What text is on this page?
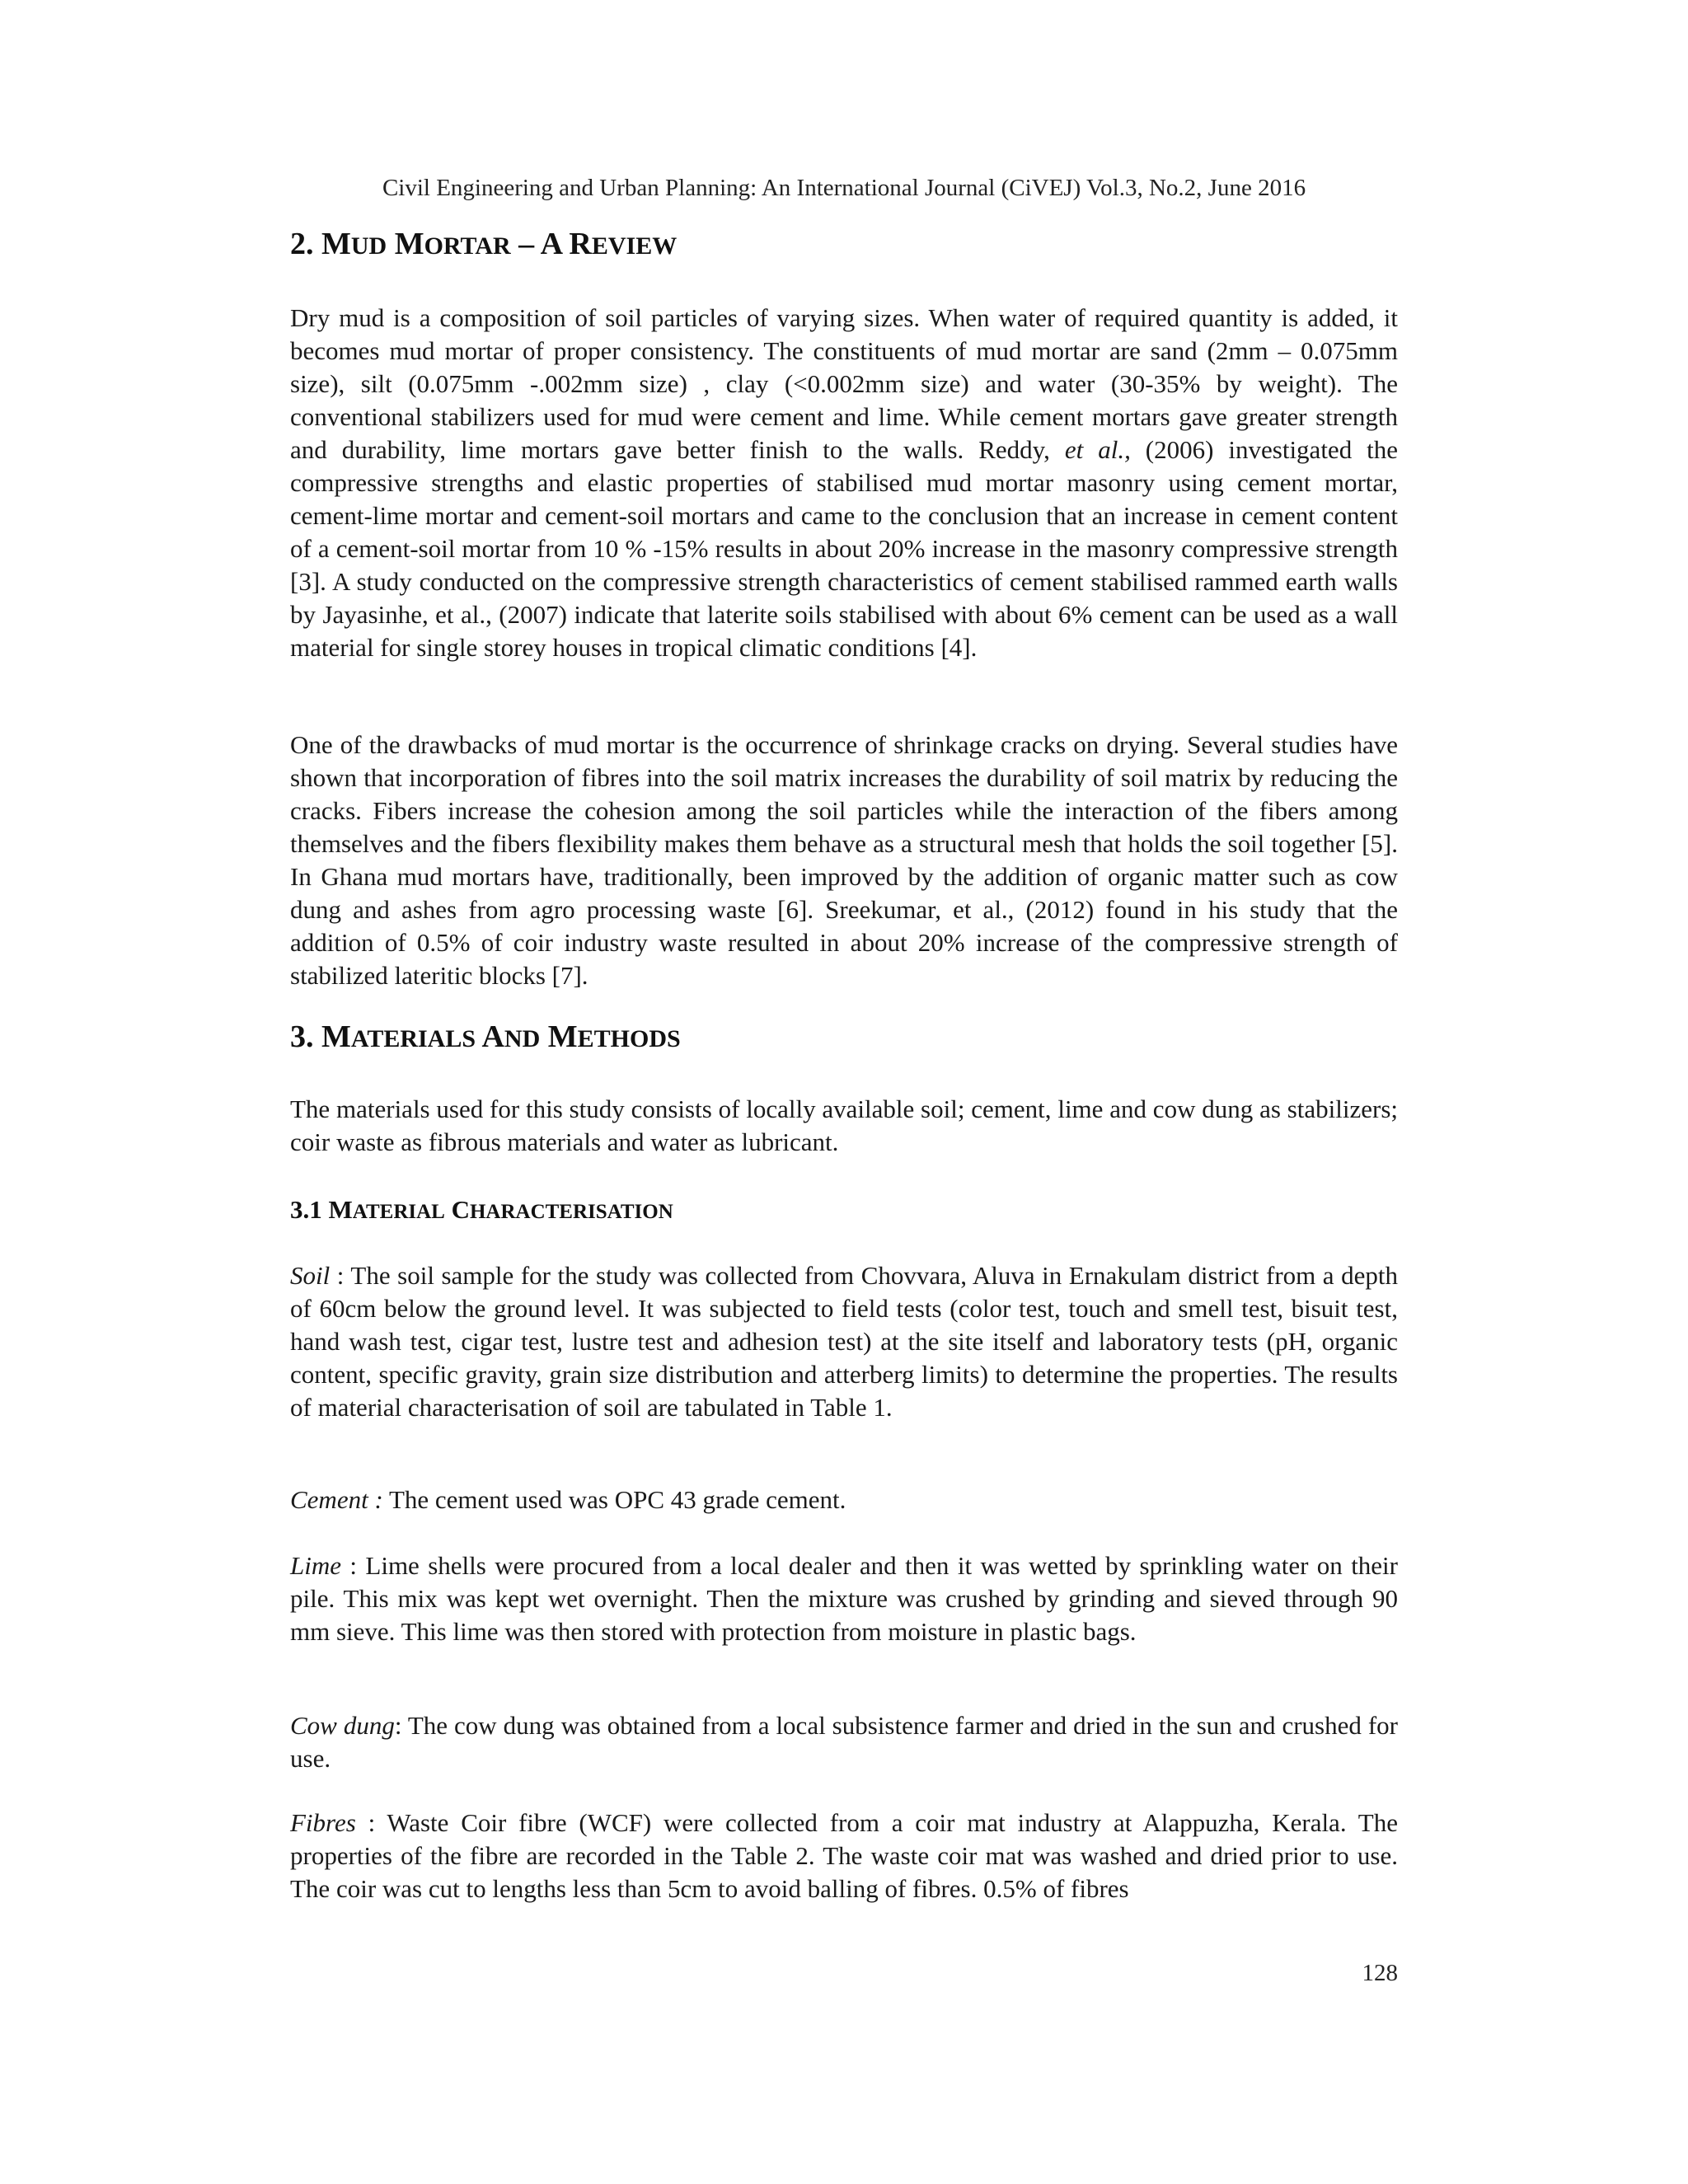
Civil Engineering and Urban Planning: An International Journal (CiVEJ) Vol.3, No.2, June 2016
2. MUD MORTAR – A REVIEW

Dry mud is a composition of soil particles of varying sizes. When water of required quantity is added, it becomes mud mortar of proper consistency. The constituents of mud mortar are sand (2mm – 0.075mm size), silt (0.075mm -.002mm size) , clay (<0.002mm size) and water (30-35% by weight). The conventional stabilizers used for mud were cement and lime. While cement mortars gave greater strength and durability, lime mortars gave better finish to the walls. Reddy, et al., (2006) investigated the compressive strengths and elastic properties of stabilised mud mortar masonry using cement mortar, cement-lime mortar and cement-soil mortars and came to the conclusion that an increase in cement content of a cement-soil mortar from 10 % -15% results in about 20% increase in the masonry compressive strength [3]. A study conducted on the compressive strength characteristics of cement stabilised rammed earth walls by Jayasinhe, et al., (2007) indicate that laterite soils stabilised with about 6% cement can be used as a wall material for single storey houses in tropical climatic conditions [4].

One of the drawbacks of mud mortar is the occurrence of shrinkage cracks on drying. Several studies have shown that incorporation of fibres into the soil matrix increases the durability of soil matrix by reducing the cracks. Fibers increase the cohesion among the soil particles while the interaction of the fibers among themselves and the fibers flexibility makes them behave as a structural mesh that holds the soil together [5]. In Ghana mud mortars have, traditionally, been improved by the addition of organic matter such as cow dung and ashes from agro processing waste [6]. Sreekumar, et al., (2012) found in his study that the addition of 0.5% of coir industry waste resulted in about 20% increase of the compressive strength of stabilized lateritic blocks [7].

3. MATERIALS AND METHODS

The materials used for this study consists of locally available soil; cement, lime and cow dung as stabilizers; coir waste as fibrous materials and water as lubricant.

3.1 MATERIAL CHARACTERISATION

Soil : The soil sample for the study was collected from Chovvara, Aluva in Ernakulam district from a depth of 60cm below the ground level. It was subjected to field tests (color test, touch and smell test, bisuit test, hand wash test, cigar test, lustre test and adhesion test) at the site itself and laboratory tests (pH, organic content, specific gravity, grain size distribution and atterberg limits) to determine the properties. The results of material characterisation of soil are tabulated in Table 1.

Cement : The cement used was OPC 43 grade cement.

Lime : Lime shells were procured from a local dealer and then it was wetted by sprinkling water on their pile. This mix was kept wet overnight. Then the mixture was crushed by grinding and sieved through 90 mm sieve. This lime was then stored with protection from moisture in plastic bags.

Cow dung: The cow dung was obtained from a local subsistence farmer and dried in the sun and crushed for use.

Fibres : Waste Coir fibre (WCF) were collected from a coir mat industry at Alappuzha, Kerala. The properties of the fibre are recorded in the Table 2. The waste coir mat was washed and dried prior to use. The coir was cut to lengths less than 5cm to avoid balling of fibres. 0.5% of fibres

128
